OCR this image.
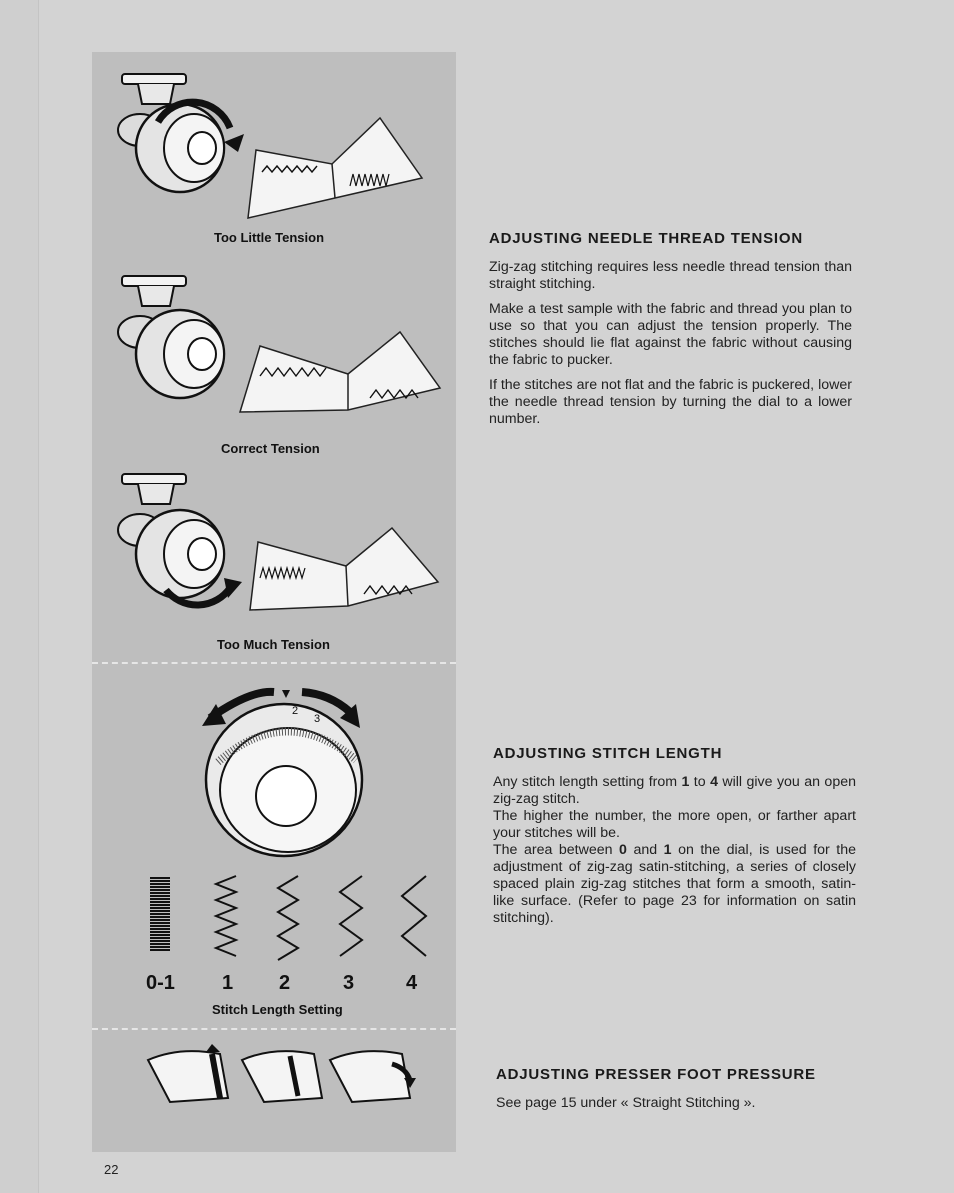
Too Little Tension
Correct Tension
Too Much Tension
2
3
0-1 1 2	3	4
Stitch Length Setting
ADJUSTING NEEDLE THREAD TENSION

Zig-zag stitching requires less needle thread tension than straight stitching.

Make a test sample with the fabric and thread you plan to use so that you can adjust the tension properly. The stitches should lie flat against the fabric without causing the fabric to pucker.

If the stitches are not flat and the fabric is puckered, lower the needle thread tension by turning the dial to a lower number.

ADJUSTING STITCH LENGTH

Any stitch length setting from 1 to 4 will give you an open zig-zag stitch.

The higher the number, the more open, or farther apart your stitches will be.

The area between 0 and 1 on the dial, is used for the adjustment of zig-zag satin-stitching, a series of closely spaced plain zig-zag stitches that form a smooth, satin-like surface. (Refer to page 23 for information on satin stitching).

ADJUSTING PRESSER FOOT PRESSURE

See page 15 under « Straight Stitching ».

22
